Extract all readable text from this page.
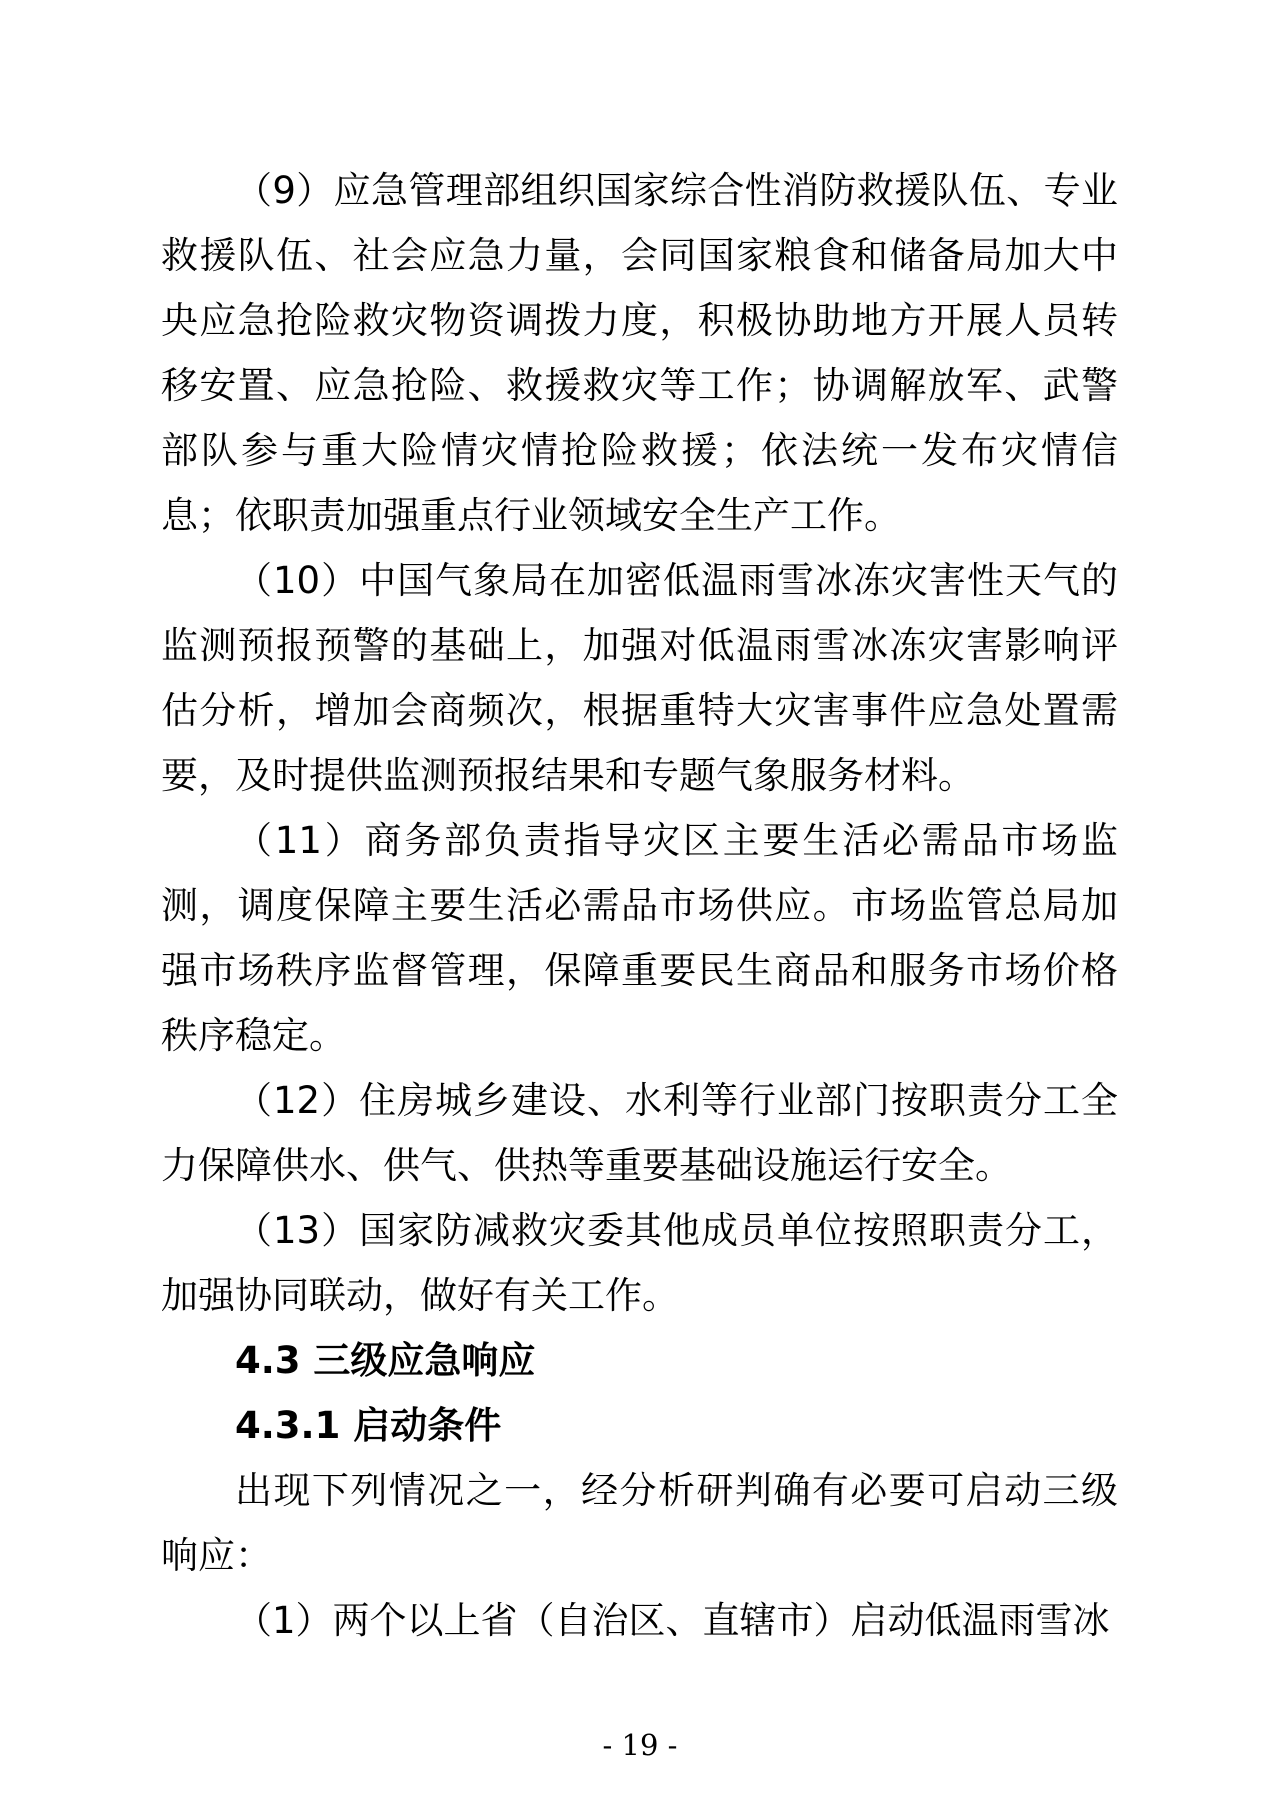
（9）应急管理部组织国家综合性消防救援队伍、专业救援队伍、社会应急力量，会同国家粮食和储备局加大中央应急抢险救灾物资调拨力度，积极协助地方开展人员转移安置、应急抢险、救援救灾等工作；协调解放军、武警部队参与重大险情灾情抢险救援；依法统一发布灾情信息；依职责加强重点行业领域安全生产工作。

（10）中国气象局在加密低温雨雪冰冻灾害性天气的监测预报预警的基础上，加强对低温雨雪冰冻灾害影响评估分析，增加会商频次，根据重特大灾害事件应急处置需要，及时提供监测预报结果和专题气象服务材料。

（11）商务部负责指导灾区主要生活必需品市场监测，调度保障主要生活必需品市场供应。市场监管总局加强市场秩序监督管理，保障重要民生商品和服务市场价格秩序稳定。

（12）住房城乡建设、水利等行业部门按职责分工全力保障供水、供气、供热等重要基础设施运行安全。

（13）国家防减救灾委其他成员单位按照职责分工，加强协同联动，做好有关工作。

4.3 三级应急响应

4.3.1 启动条件

出现下列情况之一，经分析研判确有必要可启动三级响应：

（1）两个以上省（自治区、直辖市）启动低温雨雪冰

- 19 -
